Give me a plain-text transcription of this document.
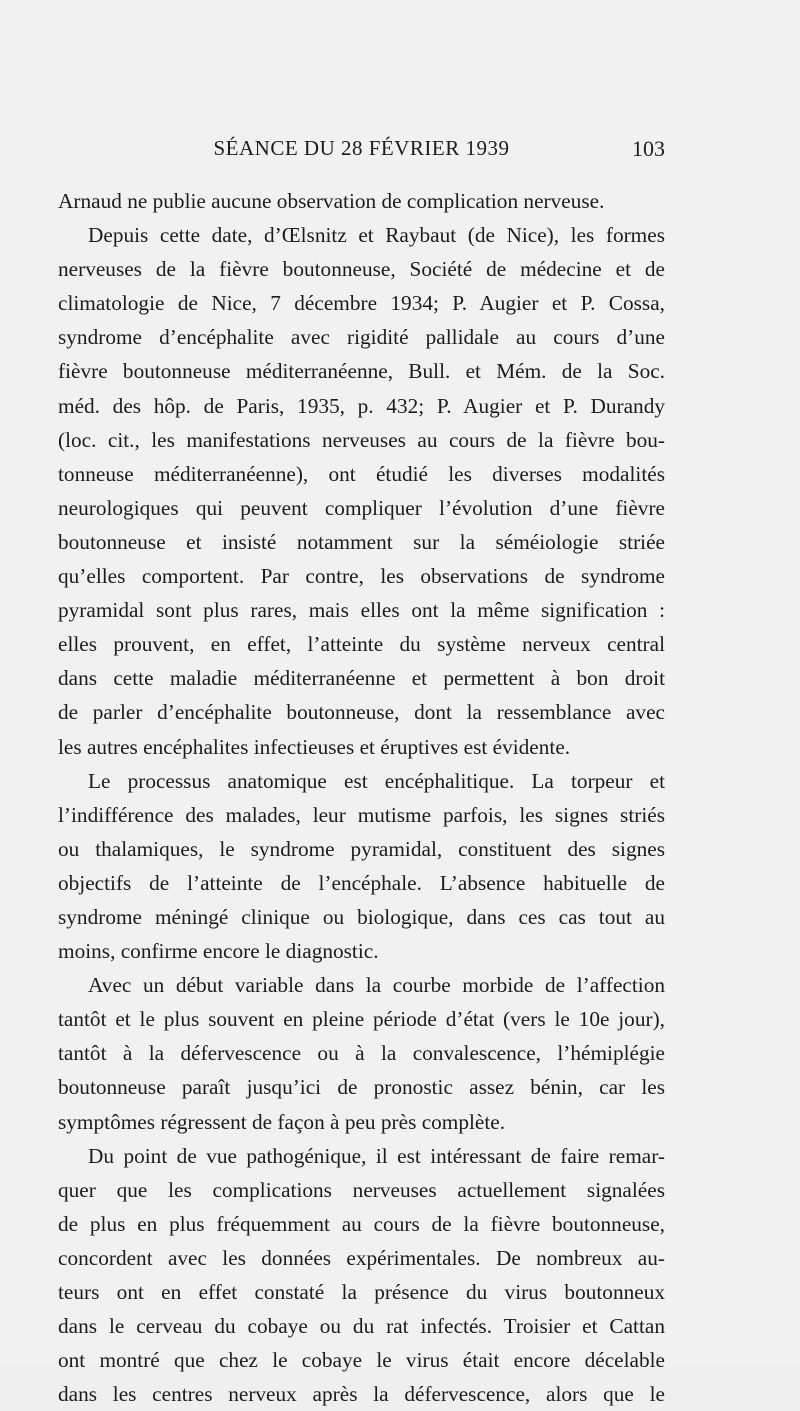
SÉANCE DU 28 FÉVRIER 1939	103
Arnaud ne publie aucune observation de complication nerveuse.
Depuis cette date, d’Œlsnitz et Raybaut (de Nice), les formes
nerveuses de la fièvre boutonneuse, Société de médecine et de
climatologie de Nice, 7 décembre 1934; P. Augier et P. Cossa,
syndrome d’encéphalite avec rigidité pallidale au cours d’une
fièvre boutonneuse méditerranéenne, Bull. et Mém. de la Soc.
méd. des hôp. de Paris, 1935, p. 432; P. Augier et P. Durandy
(loc. cit., les manifestations nerveuses au cours de la fièvre bou-
tonneuse méditerranéenne), ont étudié les diverses modalités
neurologiques qui peuvent compliquer l’évolution d’une fièvre
boutonneuse et insisté notamment sur la séméiologie striée
qu’elles comportent. Par contre, les observations de syndrome
pyramidal sont plus rares, mais elles ont la même signification :
elles prouvent, en effet, l’atteinte du système nerveux central
dans cette maladie méditerranéenne et permettent à bon droit
de parler d’encéphalite boutonneuse, dont la ressemblance avec
les autres encéphalites infectieuses et éruptives est évidente.
Le processus anatomique est encéphalitique. La torpeur et
l’indifférence des malades, leur mutisme parfois, les signes striés
ou thalamiques, le syndrome pyramidal, constituent des signes
objectifs de l’atteinte de l’encéphale. L’absence habituelle de
syndrome méningé clinique ou biologique, dans ces cas tout au
moins, confirme encore le diagnostic.
Avec un début variable dans la courbe morbide de l’affection
tantôt et le plus souvent en pleine période d’état (vers le 10e jour),
tantôt à la défervescence ou à la convalescence, l’hémiplégie
boutonneuse paraît jusqu’ici de pronostic assez bénin, car les
symptômes régressent de façon à peu près complète.
Du point de vue pathogénique, il est intéressant de faire remar-
quer que les complications nerveuses actuellement signalées
de plus en plus fréquemment au cours de la fièvre boutonneuse,
concordent avec les données expérimentales. De nombreux au-
teurs ont en effet constaté la présence du virus boutonneux
dans le cerveau du cobaye ou du rat infectés. Troisier et Cattan
ont montré que chez le cobaye le virus était encore décelable
dans les centres nerveux après la défervescence, alors que le
